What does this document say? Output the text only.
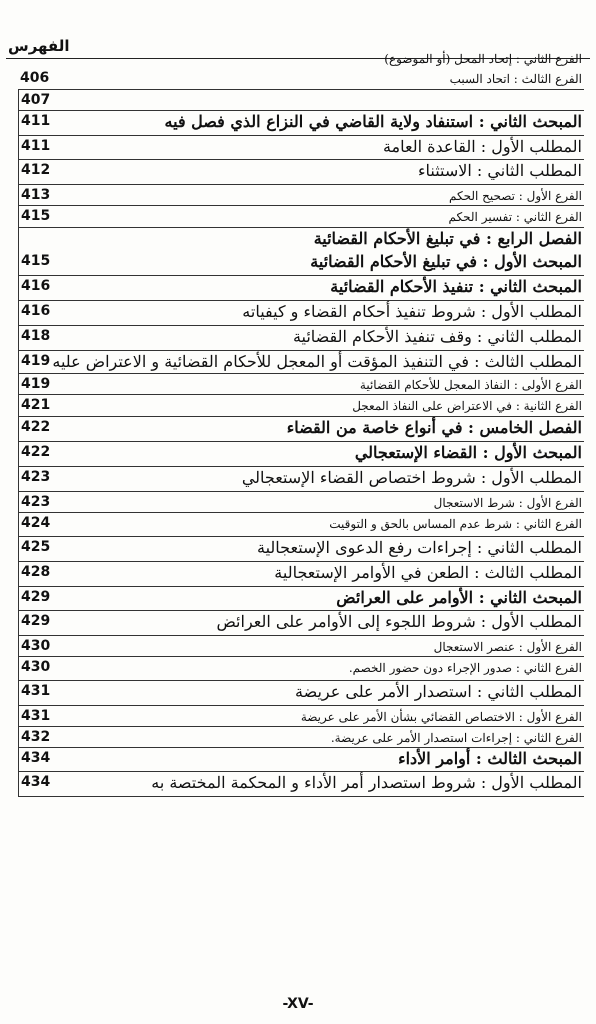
الفهرس
الفرع الثاني : إتحاد المحل (أو الموضوع)
الفرع الثالث : اتحاد السبب
406
407
المبحث الثاني : استنفاد ولاية القاضي في النزاع الذي فصل فيه
411
المطلب الأول : القاعدة العامة
411
المطلب الثاني : الاستثناء
412
الفرع الأول : تصحيح الحكم
413
الفرع الثاني : تفسير الحكم
415
الفصل الرابع : في تبليغ الأحكام القضائية
المبحث الأول : في تبليغ الأحكام القضائية
415
المبحث الثاني : تنفيذ الأحكام القضائية
416
المطلب الأول : شروط تنفيذ أحكام القضاء و كيفياته
416
المطلب الثاني : وقف تنفيذ الأحكام القضائية
418
المطلب الثالث : في التنفيذ المؤقت أو المعجل للأحكام القضائية و الاعتراض عليه
419
الفرع الأولى : النفاذ المعجل للأحكام القضائية
419
الفرع الثانية : في الاعتراض على النفاذ المعجل
421
الفصل الخامس : في أنواع خاصة من القضاء
422
المبحث الأول : القضاء الإستعجالي
422
المطلب الأول : شروط اختصاص القضاء الإستعجالي
423
الفرع الأول : شرط الاستعجال
423
الفرع الثاني : شرط عدم المساس بالحق و التوقيت
424
المطلب الثاني : إجراءات رفع الدعوى الإستعجالية
425
المطلب الثالث : الطعن في الأوامر الإستعجالية
428
المبحث الثاني : الأوامر على العرائض
429
المطلب الأول : شروط اللجوء إلى الأوامر على العرائض
429
الفرع الأول : عنصر الاستعجال
430
الفرع الثاني : صدور الإجراء دون حضور الخصم.
430
المطلب الثاني : استصدار الأمر على عريضة
431
الفرع الأول : الاختصاص القضائي بشأن الأمر على عريضة
431
الفرع الثاني : إجراءات استصدار الأمر على عريضة.
432
المبحث الثالث : أوامر الأداء
434
المطلب الأول : شروط استصدار أمر الأداء و المحكمة المختصة به
434
-XV-
